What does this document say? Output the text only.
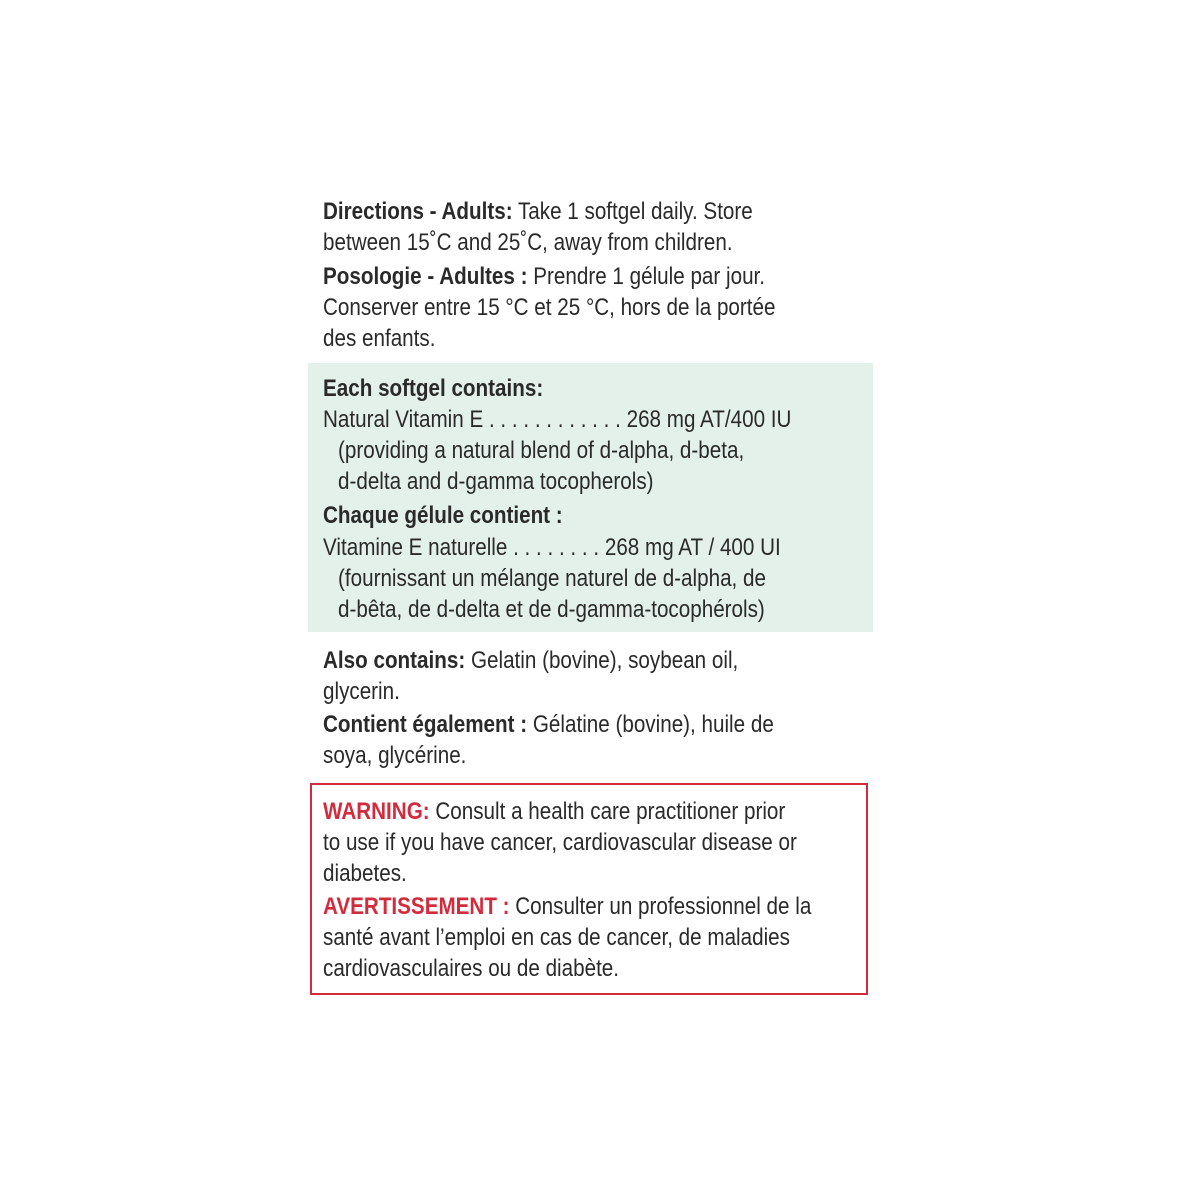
Directions - Adults: Take 1 softgel daily. Store
between 15˚C and 25˚C, away from children.
Posologie - Adultes : Prendre 1 gélule par jour.
Conserver entre 15 °C et 25 °C, hors de la portée
des enfants.
Each softgel contains:
Natural Vitamin E . . . . . . . . . . . . 268 mg AT/400 IU
(providing a natural blend of d-alpha, d-beta,
d-delta and d-gamma tocopherols)
Chaque gélule contient :
Vitamine E naturelle . . . . . . . . 268 mg AT / 400 UI
(fournissant un mélange naturel de d-alpha, de
d-bêta, de d-delta et de d-gamma-tocophérols)
Also contains: Gelatin (bovine), soybean oil,
glycerin.
Contient également : Gélatine (bovine), huile de
soya, glycérine.
WARNING: Consult a health care practitioner prior
to use if you have cancer, cardiovascular disease or
diabetes.
AVERTISSEMENT : Consulter un professionnel de la
santé avant l’emploi en cas de cancer, de maladies
cardiovasculaires ou de diabète.
